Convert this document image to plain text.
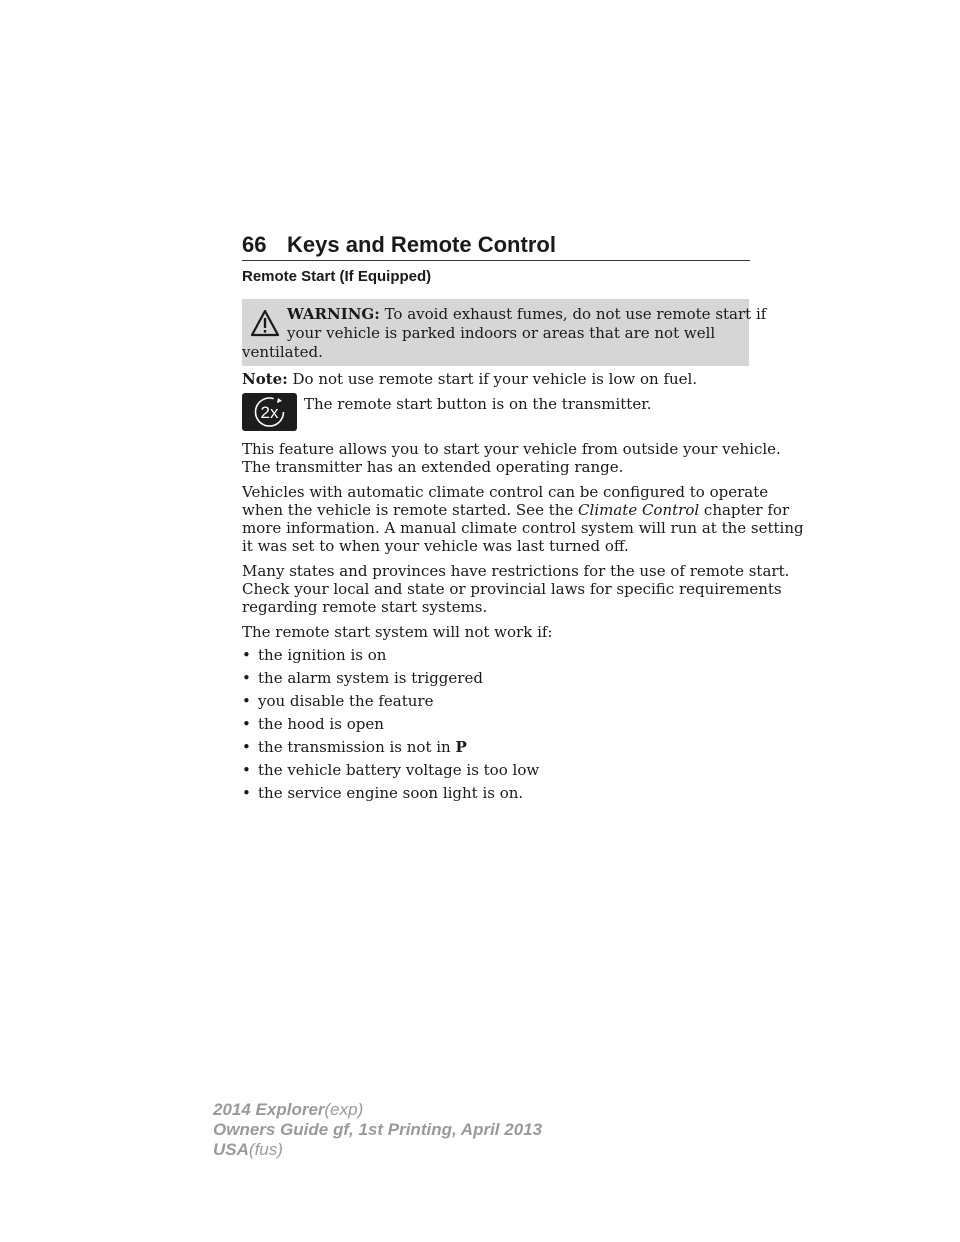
66 Keys and Remote Control
Remote Start (If Equipped)
WARNING: To avoid exhaust fumes, do not use remote start if
your vehicle is parked indoors or areas that are not well
ventilated.
Note: Do not use remote start if your vehicle is low on fuel.
2x The remote start button is on the transmitter.
This feature allows you to start your vehicle from outside your vehicle.
The transmitter has an extended operating range.
Vehicles with automatic climate control can be configured to operate
when the vehicle is remote started. See the Climate Control chapter for
more information. A manual climate control system will run at the setting
it was set to when your vehicle was last turned off.
Many states and provinces have restrictions for the use of remote start.
Check your local and state or provincial laws for specific requirements
regarding remote start systems.
The remote start system will not work if:
• the ignition is on
• the alarm system is triggered
• you disable the feature
• the hood is open
• the transmission is not in P
• the vehicle battery voltage is too low
• the service engine soon light is on.
2014 Explorer(exp)
Owners Guide gf, 1st Printing, April 2013
USA(fus)
